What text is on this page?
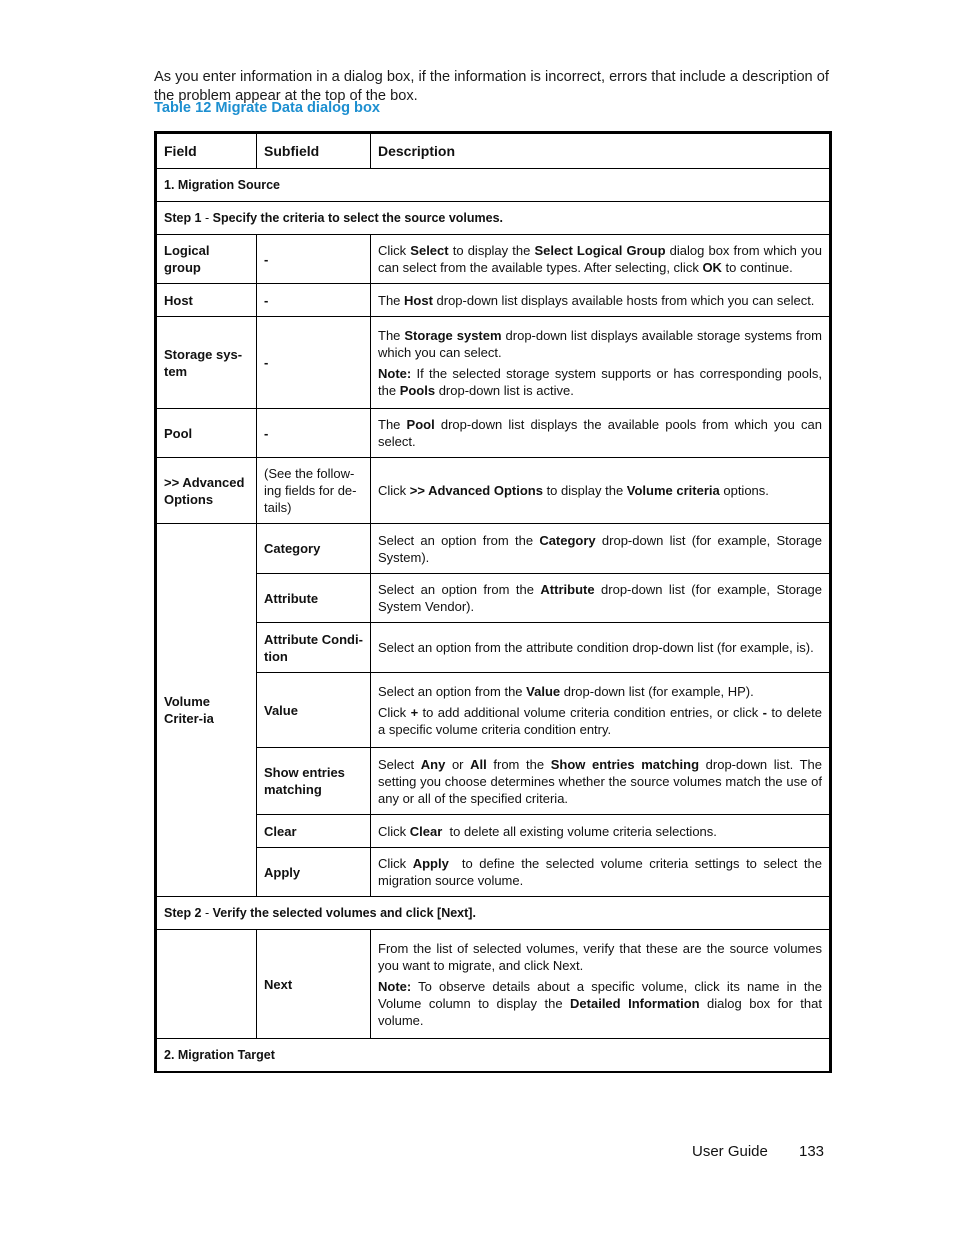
As you enter information in a dialog box, if the information is incorrect, errors that include a description of the problem appear at the top of the box.

Table 12 Migrate Data dialog box
Field	Subfield	Description
1. Migration Source		
Step 1 - Specify the criteria to select the source volumes.		
Logical group	-	Click Select to display the Select Logical Group dialog box from which you can select from the available types. After selecting, click OK to continue.
Host	-	The Host drop-down list displays available hosts from which you can select.
Storage sys-tem	-	The Storage system drop-down list displays available storage systems from which you can select.

Note: If the selected storage system supports or has corresponding pools, the Pools drop-down list is active.

Pool	-	The Pool drop-down list displays the available pools from which you can select.
>> Advanced Options	(See the follow-ing fields for de-tails)	Click >> Advanced Options to display the Volume criteria options.
Volume Criter-ia	Category	Select an option from the Category drop-down list (for example, Storage System).
	Attribute	Select an option from the Attribute drop-down list (for example, Storage System Vendor).
	Attribute Condi-tion	Select an option from the attribute condition drop-down list (for example, is).
	Value	Select an option from the Value drop-down list (for example, HP).

Click + to add additional volume criteria condition entries, or click - to delete a specific volume criteria condition entry.

	Show entries matching	Select Any or All from the Show entries matching drop-down list. The setting you choose determines whether the source volumes match the use of any or all of the specified criteria.
	Clear	Click Clear  to delete all existing volume criteria selections.
	Apply	Click Apply  to define the selected volume criteria settings to select the migration source volume.
Step 2 - Verify the selected volumes and click [Next].		
	Next	From the list of selected volumes, verify that these are the source volumes you want to migrate, and click Next.

Note: To observe details about a specific volume, click its name in the Volume column to display the Detailed Information dialog box for that volume.

2. Migration Target		
User Guide 133
